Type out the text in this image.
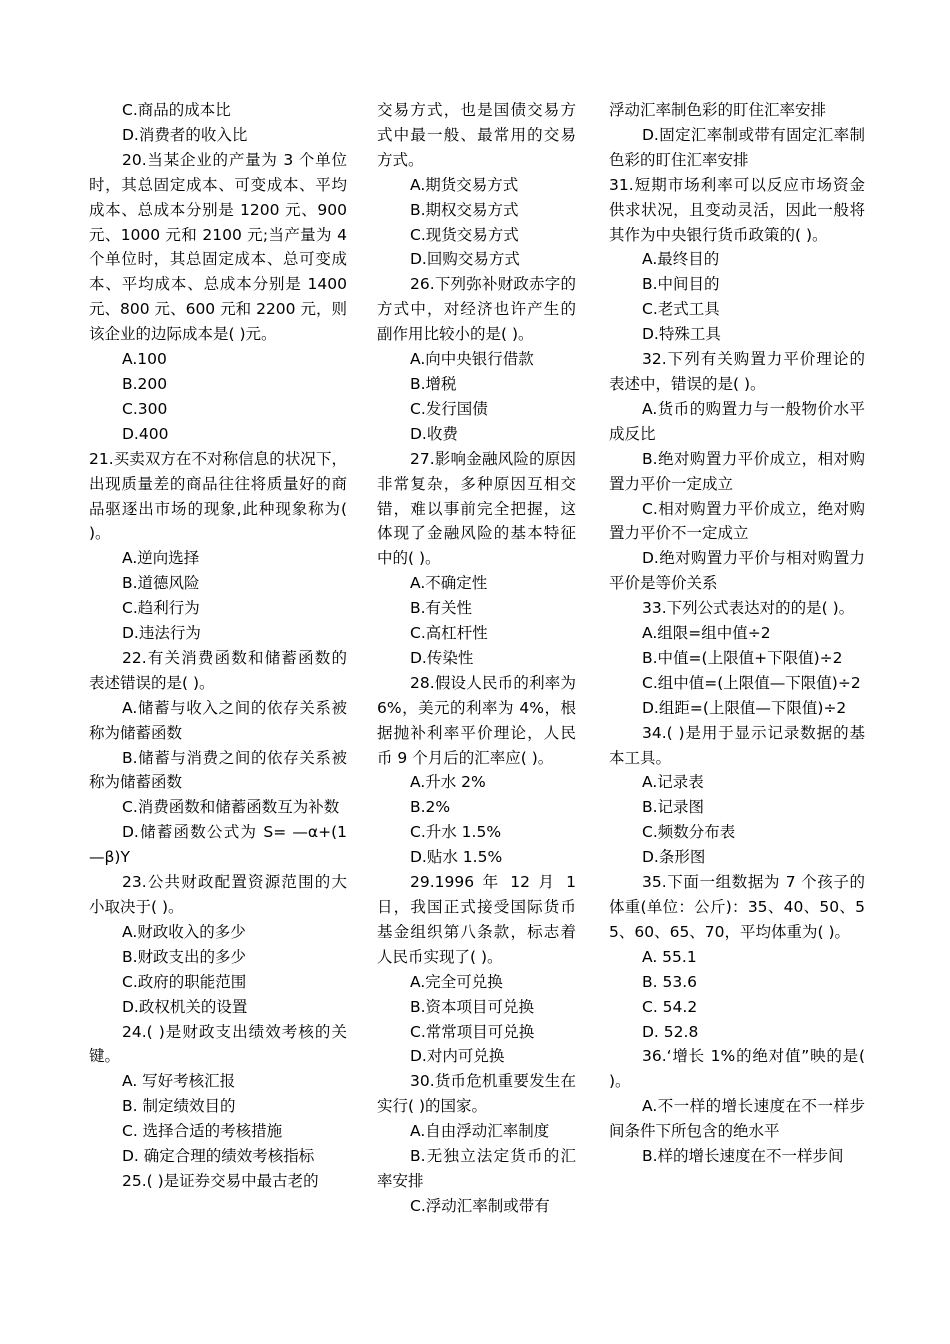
C.商品的成本比

D.消费者的收入比

20.当某企业的产量为 3 个单位时，其总固定成本、可变成本、平均成本、总成本分别是 1200 元、900 元、1000 元和 2100 元;当产量为 4 个单位时，其总固定成本、总可变成本、平均成本、总成本分别是 1400 元、800 元、600 元和 2200 元，则该企业的边际成本是( )元。

A.100

B.200

C.300

D.400

21.买卖双方在不对称信息的状况下，出现质量差的商品往往将质量好的商品驱逐出市场的现象,此种现象称为( )。

A.逆向选择

B.道德风险

C.趋利行为

D.违法行为

22.有关消费函数和储蓄函数的表述错误的是( )。

A.储蓄与收入之间的依存关系被称为储蓄函数

B.储蓄与消费之间的依存关系被称为储蓄函数

C.消费函数和储蓄函数互为补数

D.储蓄函数公式为 S= —α+(1—β)Y

23.公共财政配置资源范围的大小取决于( )。

A.财政收入的多少

B.财政支出的多少

C.政府的职能范围

D.政权机关的设置

24.( )是财政支出绩效考核的关键。

A. 写好考核汇报

B. 制定绩效目的

C. 选择合适的考核措施

D. 确定合理的绩效考核指标

25.( )是证券交易中最古老的

交易方式，也是国债交易方式中最一般、最常用的交易方式。

A.期货交易方式

B.期权交易方式

C.现货交易方式

D.回购交易方式

26.下列弥补财政赤字的方式中，对经济也许产生的副作用比较小的是( )。

A.向中央银行借款

B.增税

C.发行国债

D.收费

27.影响金融风险的原因非常复杂，多种原因互相交错，难以事前完全把握，这体现了金融风险的基本特征中的( )。

A.不确定性

B.有关性

C.高杠杆性

D.传染性

28.假设人民币的利率为 6%，美元的利率为 4%，根据抛补利率平价理论，人民币 9 个月后的汇率应( )。

A.升水 2%

B.2%

C.升水 1.5%

D.贴水 1.5%

29.1996 年 12 月 1 日，我国正式接受国际货币基金组织第八条款，标志着人民币实现了( )。

A.完全可兑换

B.资本项目可兑换

C.常常项目可兑换

D.对内可兑换

30.货币危机重要发生在实行( )的国家。

A.自由浮动汇率制度

B.无独立法定货币的汇率安排

C.浮动汇率制或带有

浮动汇率制色彩的盯住汇率安排

D.固定汇率制或带有固定汇率制色彩的盯住汇率安排

31.短期市场利率可以反应市场资金供求状况，且变动灵活，因此一般将其作为中央银行货币政策的( )。

A.最终目的

B.中间目的

C.老式工具

D.特殊工具

32.下列有关购置力平价理论的表述中，错误的是( )。

A.货币的购置力与一般物价水平成反比

B.绝对购置力平价成立，相对购置力平价一定成立

C.相对购置力平价成立，绝对购置力平价不一定成立

D.绝对购置力平价与相对购置力平价是等价关系

33.下列公式表达对的的是( )。

A.组限=组中值÷2

B.中值=(上限值+下限值)÷2

C.组中值=(上限值—下限值)÷2

D.组距=(上限值—下限值)÷2

34.( )是用于显示记录数据的基本工具。

A.记录表

B.记录图

C.频数分布表

D.条形图

35.下面一组数据为 7 个孩子的体重(单位：公斤)：35、40、50、55、60、65、70，平均体重为( )。

A. 55.1

B. 53.6

C. 54.2

D. 52.8

36.‘增长 1%的绝对值”映的是( )。

A.不一样的增长速度在不一样步间条件下所包含的绝水平

B.样的增长速度在不一样步间
